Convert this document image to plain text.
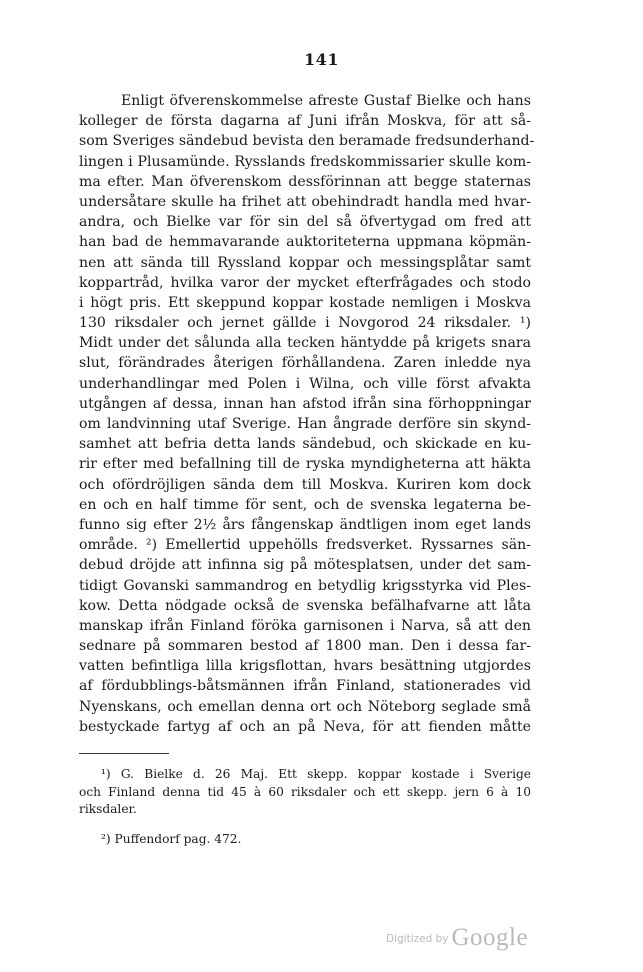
141
Enligt öfverenskommelse afreste Gustaf Bielke och hans
kolleger de första dagarna af Juni ifrån Moskva, för att så-
som Sveriges sändebud bevista den beramade fredsunderhand-
lingen i Plusamünde. Rysslands fredskommissarier skulle kom-
ma efter. Man öfverenskom dessförinnan att begge staternas
undersåtare skulle ha frihet att obehindradt handla med hvar-
andra, och Bielke var för sin del så öfvertygad om fred att
han bad de hemmavarande auktoriteterna uppmana köpmän-
nen att sända till Ryssland koppar och messingsplåtar samt
koppartråd, hvilka varor der mycket efterfrågades och stodo
i högt pris. Ett skeppund koppar kostade nemligen i Moskva
130 riksdaler och jernet gällde i Novgorod 24 riksdaler. ¹)
Midt under det sålunda alla tecken häntydde på krigets snara
slut, förändrades återigen förhållandena. Zaren inledde nya
underhandlingar med Polen i Wilna, och ville först afvakta
utgången af dessa, innan han afstod ifrån sina förhoppningar
om landvinning utaf Sverige. Han ångrade derföre sin skynd-
samhet att befria detta lands sändebud, och skickade en ku-
rir efter med befallning till de ryska myndigheterna att häkta
och ofördröjligen sända dem till Moskva. Kuriren kom dock
en och en half timme för sent, och de svenska legaterna be-
funno sig efter 2½ års fångenskap ändtligen inom eget lands
område. ²) Emellertid uppehölls fredsverket. Ryssarnes sän-
debud dröjde att infinna sig på mötesplatsen, under det sam-
tidigt Govanski sammandrog en betydlig krigsstyrka vid Ples-
kow. Detta nödgade också de svenska befälhafvarne att låta
manskap ifrån Finland föröka garnisonen i Narva, så att den
sednare på sommaren bestod af 1800 man. Den i dessa far-
vatten befintliga lilla krigsflottan, hvars besättning utgjordes
af fördubblings-båtsmännen ifrån Finland, stationerades vid
Nyenskans, och emellan denna ort och Nöteborg seglade små
bestyckade fartyg af och an på Neva, för att fienden måtte
¹) G. Bielke d. 26 Maj. Ett skepp. koppar kostade i Sverige
och Finland denna tid 45 à 60 riksdaler och ett skepp. jern 6 à 10
riksdaler.
²) Puffendorf pag. 472.
Digitized by Google
